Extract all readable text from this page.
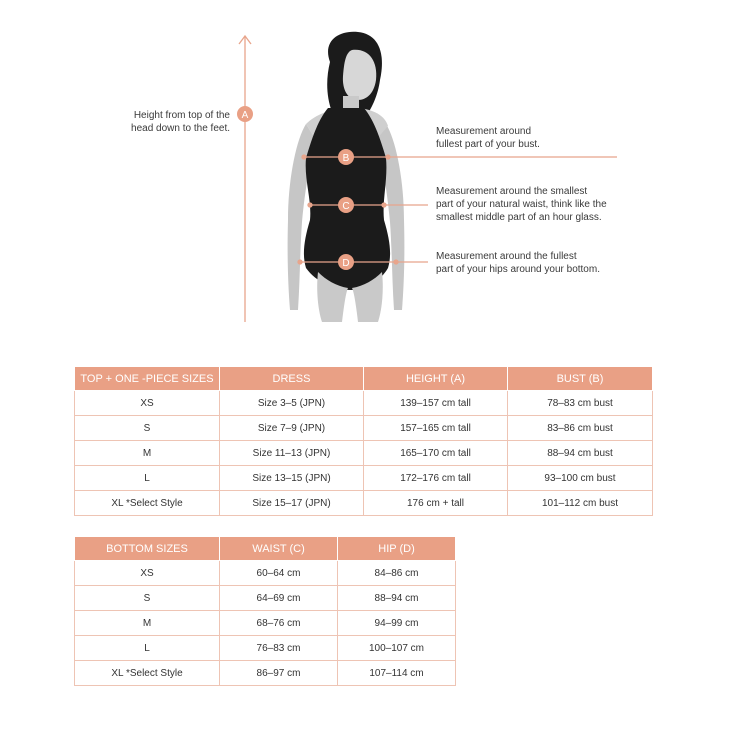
A
B
C
D
Height from top of the
head down to the feet.	Measurement around
fullest part of your bust.
Measurement around the smallest
part of your natural waist, think like the
smallest middle part of an hour glass.
Measurement around the fullest
part of your hips around your bottom.
TOP + ONE -PIECE SIZES	DRESS	HEIGHT (A)	BUST (B)
XS	Size 3–5 (JPN)	139–157 cm tall	78–83 cm bust
S	Size 7–9 (JPN)	157–165 cm tall	83–86 cm bust
M	Size 11–13 (JPN)	165–170 cm tall	88–94 cm bust
L	Size 13–15 (JPN)	172–176 cm tall	93–100 cm bust
XL *Select Style	Size 15–17 (JPN)	176 cm + tall	101–112 cm bust
BOTTOM SIZES	WAIST (C)	HIP (D)
XS	60–64 cm	84–86 cm
S	64–69 cm	88–94 cm
M	68–76 cm	94–99 cm
L	76–83 cm	100–107 cm
XL *Select Style	86–97 cm	107–114 cm
